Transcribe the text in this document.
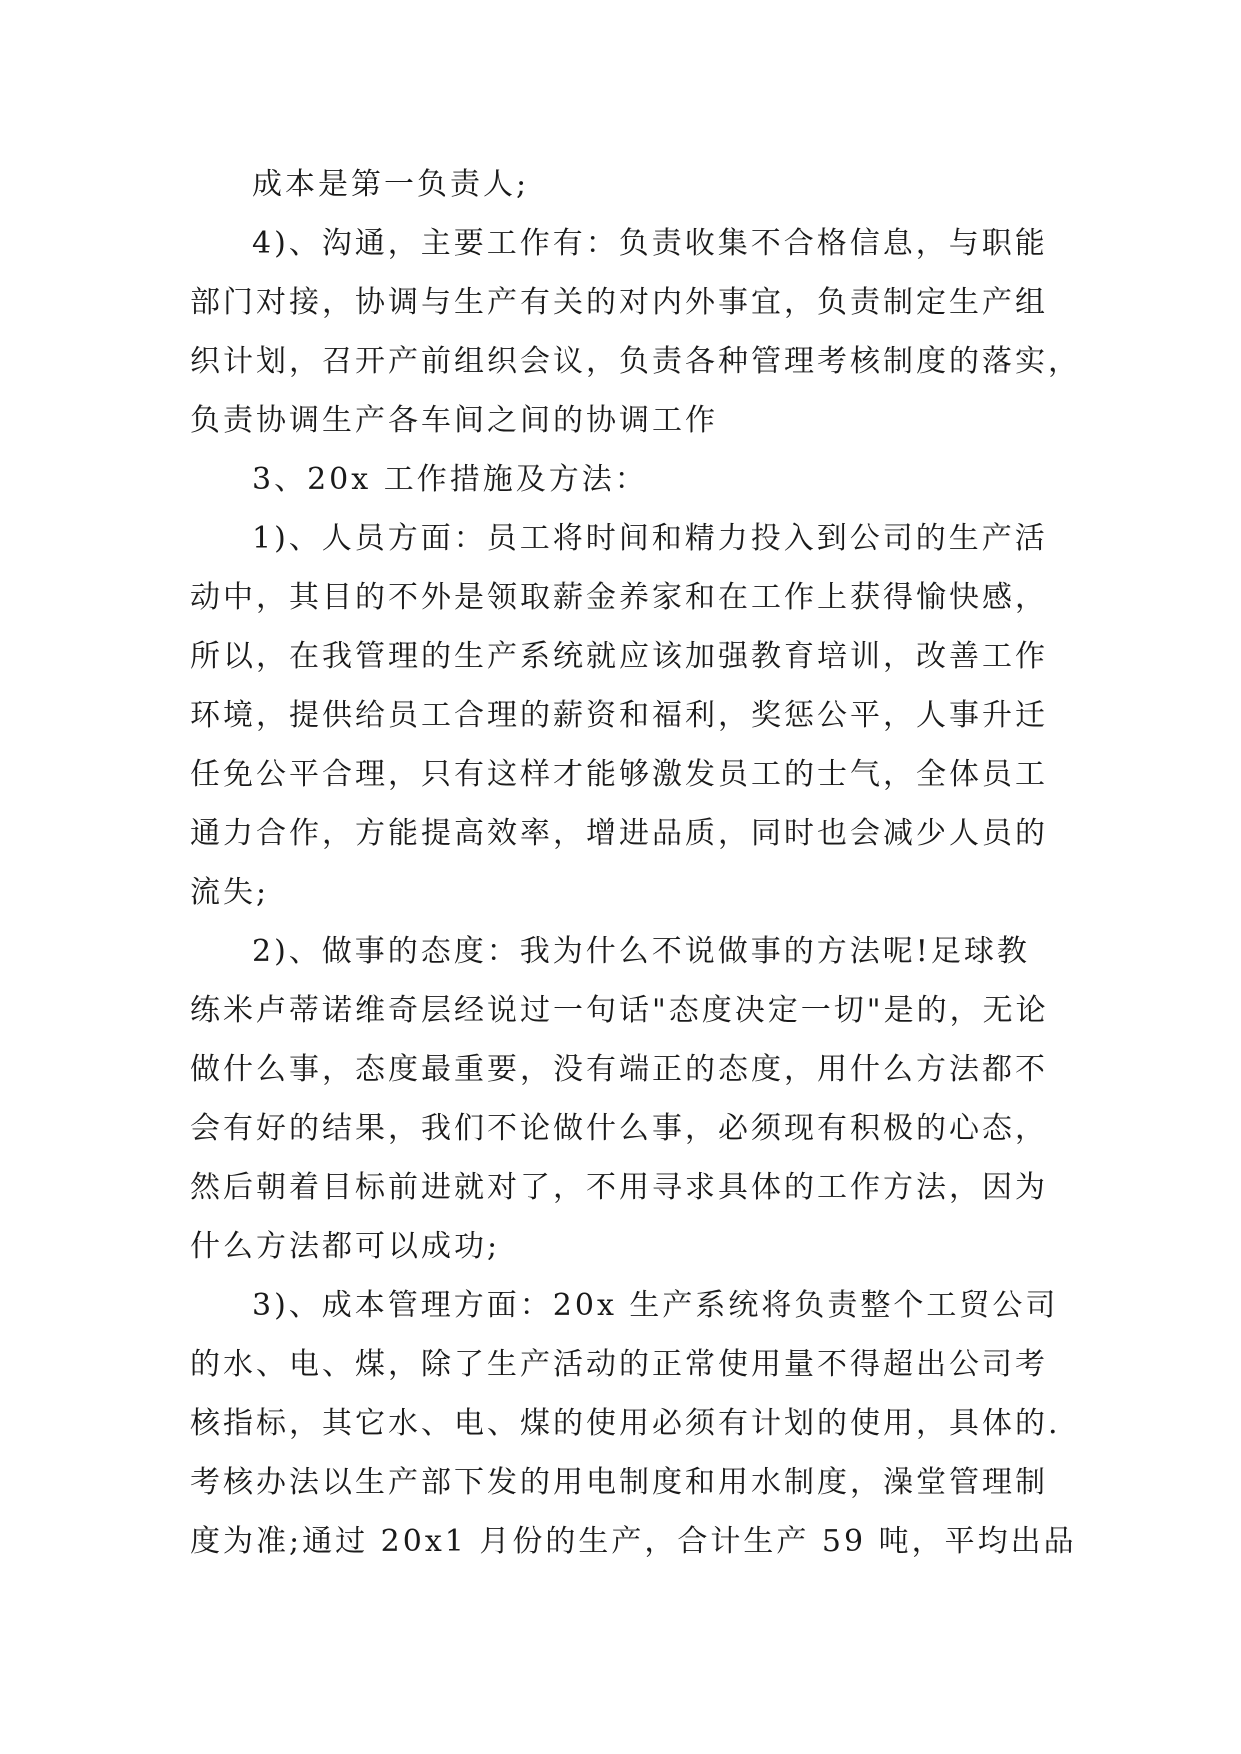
成本是第一负责人;
4)、沟通，主要工作有：负责收集不合格信息，与职能
部门对接，协调与生产有关的对内外事宜，负责制定生产组
织计划，召开产前组织会议，负责各种管理考核制度的落实，
负责协调生产各车间之间的协调工作
3、20x 工作措施及方法：
1)、人员方面：员工将时间和精力投入到公司的生产活
动中，其目的不外是领取薪金养家和在工作上获得愉快感，
所以，在我管理的生产系统就应该加强教育培训，改善工作
环境，提供给员工合理的薪资和福利，奖惩公平，人事升迁
任免公平合理，只有这样才能够激发员工的士气，全体员工
通力合作，方能提高效率，增进品质，同时也会减少人员的
流失;
2)、做事的态度：我为什么不说做事的方法呢!足球教
练米卢蒂诺维奇层经说过一句话"态度决定一切"是的，无论
做什么事，态度最重要，没有端正的态度，用什么方法都不
会有好的结果，我们不论做什么事，必须现有积极的心态，
然后朝着目标前进就对了，不用寻求具体的工作方法，因为
什么方法都可以成功;
3)、成本管理方面：20x 生产系统将负责整个工贸公司
的水、电、煤，除了生产活动的正常使用量不得超出公司考
核指标，其它水、电、煤的使用必须有计划的使用，具体的.
考核办法以生产部下发的用电制度和用水制度，澡堂管理制
度为准;通过 20x1 月份的生产，合计生产 59 吨，平均出品
